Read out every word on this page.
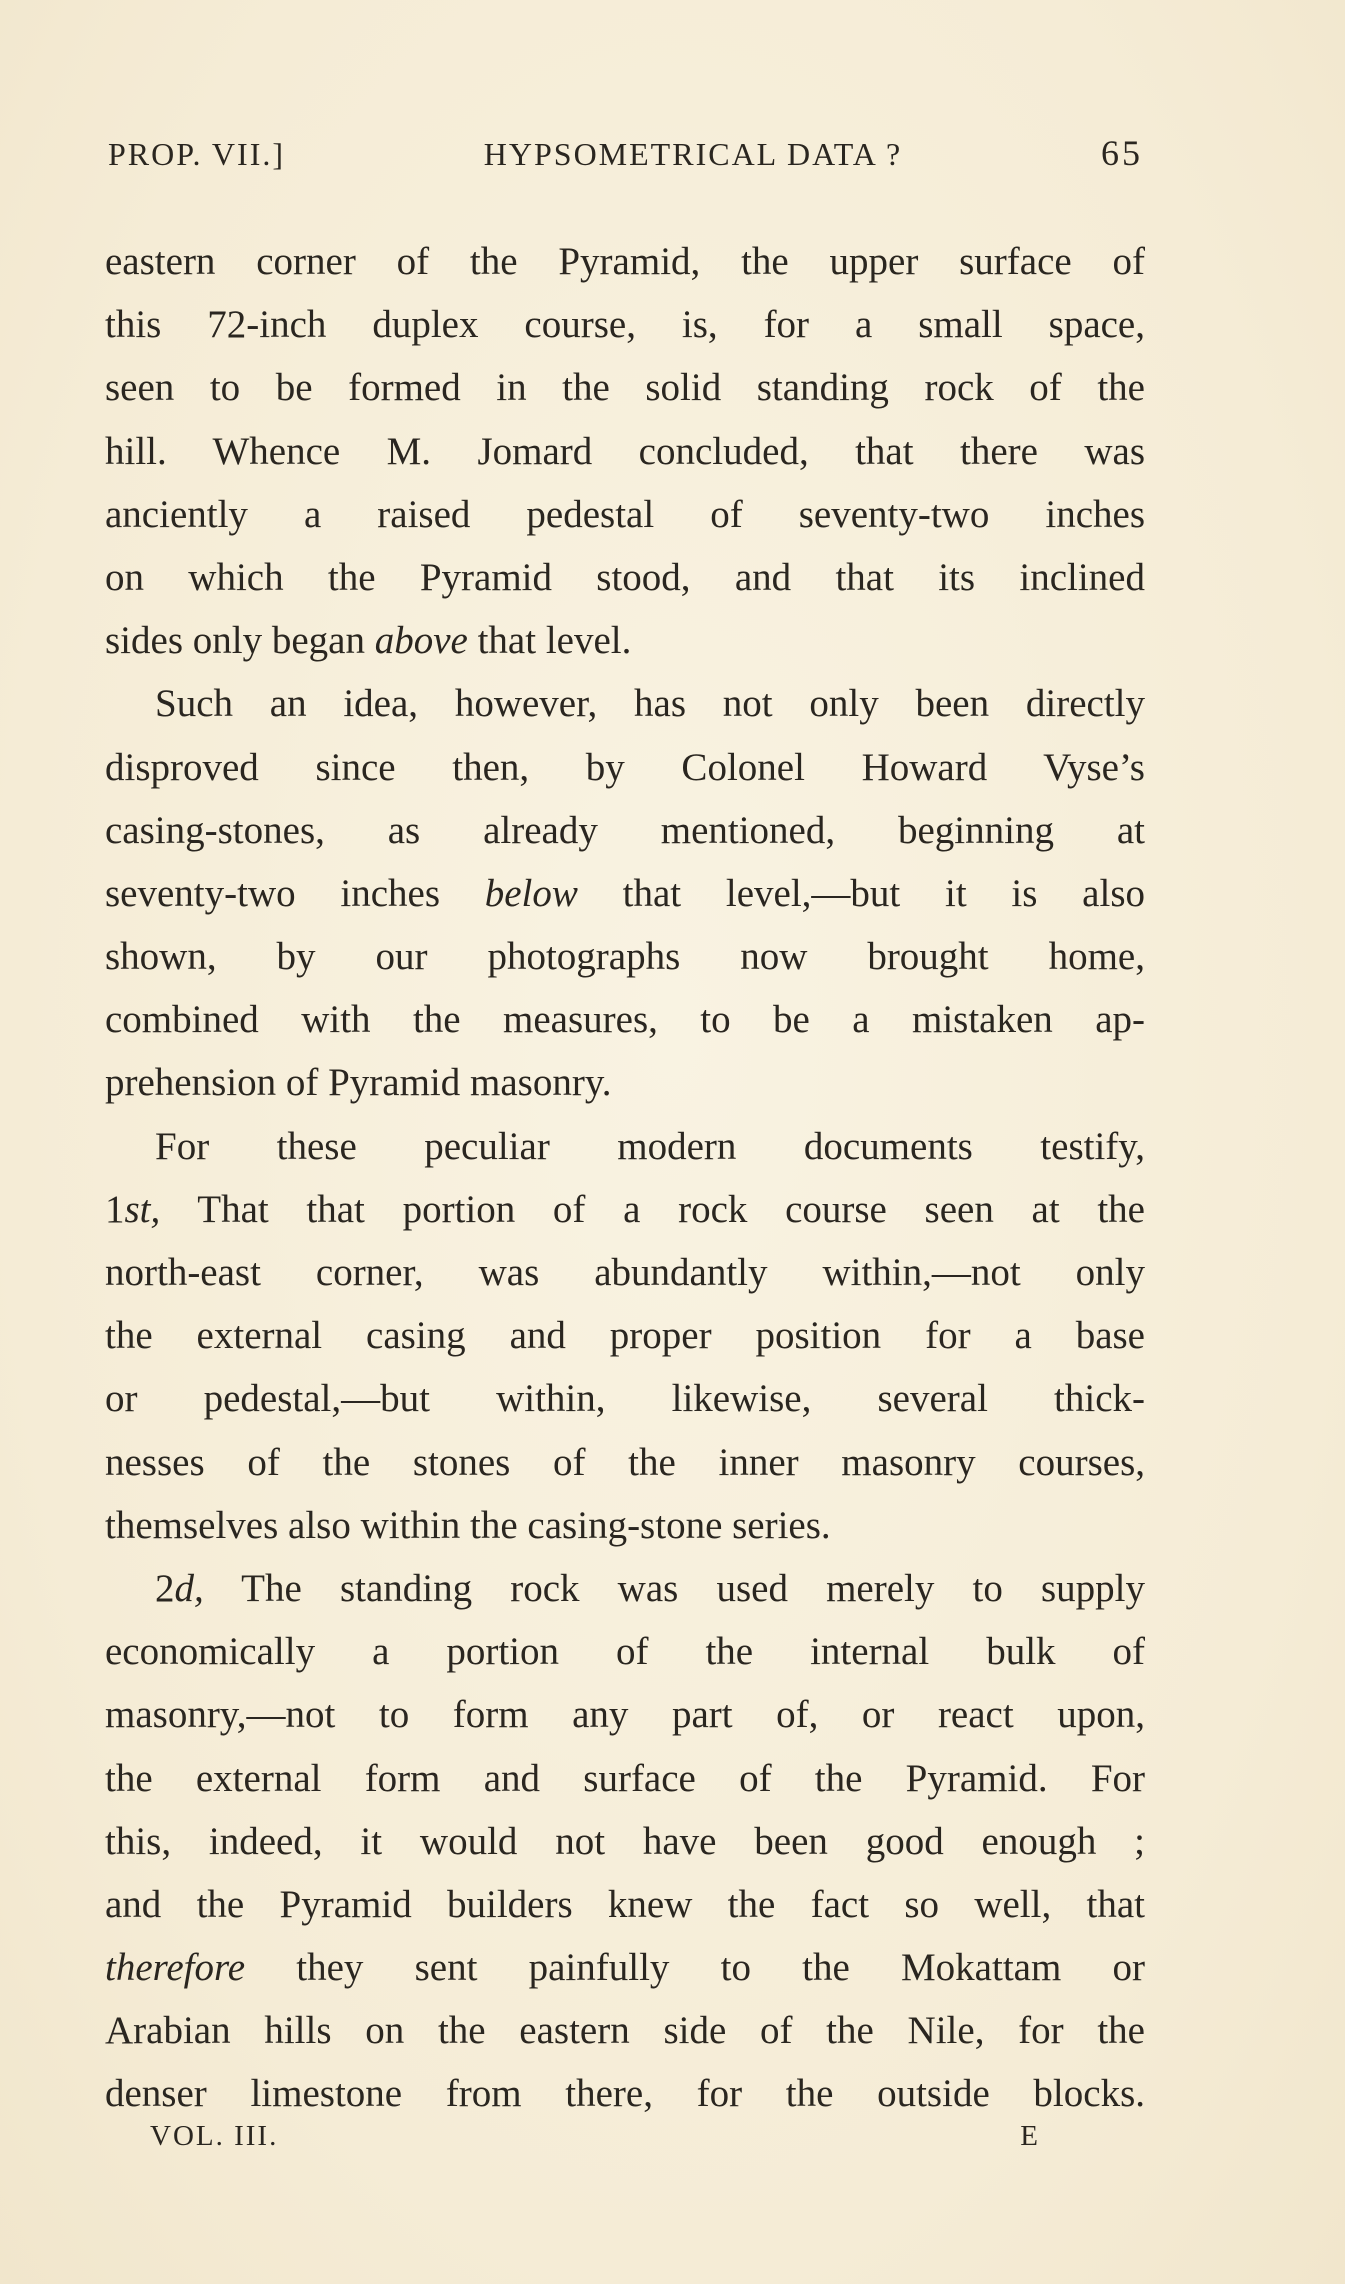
PROP. VII.]	HYPSOMETRICAL DATA ?	65
eastern corner of the Pyramid, the upper surface of
this 72-inch duplex course, is, for a small space,
seen to be formed in the solid standing rock of the
hill. Whence M. Jomard concluded, that there was
anciently a raised pedestal of seventy-two inches
on which the Pyramid stood, and that its inclined
sides only began above that level.
Such an idea, however, has not only been directly
disproved since then, by Colonel Howard Vyse’s
casing-stones, as already mentioned, beginning at
seventy-two inches below that level,—but it is also
shown, by our photographs now brought home,
combined with the measures, to be a mistaken ap-
prehension of Pyramid masonry.
For these peculiar modern documents testify,
1st, That that portion of a rock course seen at the
north-east corner, was abundantly within,—not only
the external casing and proper position for a base
or pedestal,—but within, likewise, several thick-
nesses of the stones of the inner masonry courses,
themselves also within the casing-stone series.
2d, The standing rock was used merely to supply
economically a portion of the internal bulk of
masonry,—not to form any part of, or react upon,
the external form and surface of the Pyramid. For
this, indeed, it would not have been good enough ;
and the Pyramid builders knew the fact so well, that
therefore they sent painfully to the Mokattam or
Arabian hills on the eastern side of the Nile, for the
denser limestone from there, for the outside blocks.
VOL. III.	E
